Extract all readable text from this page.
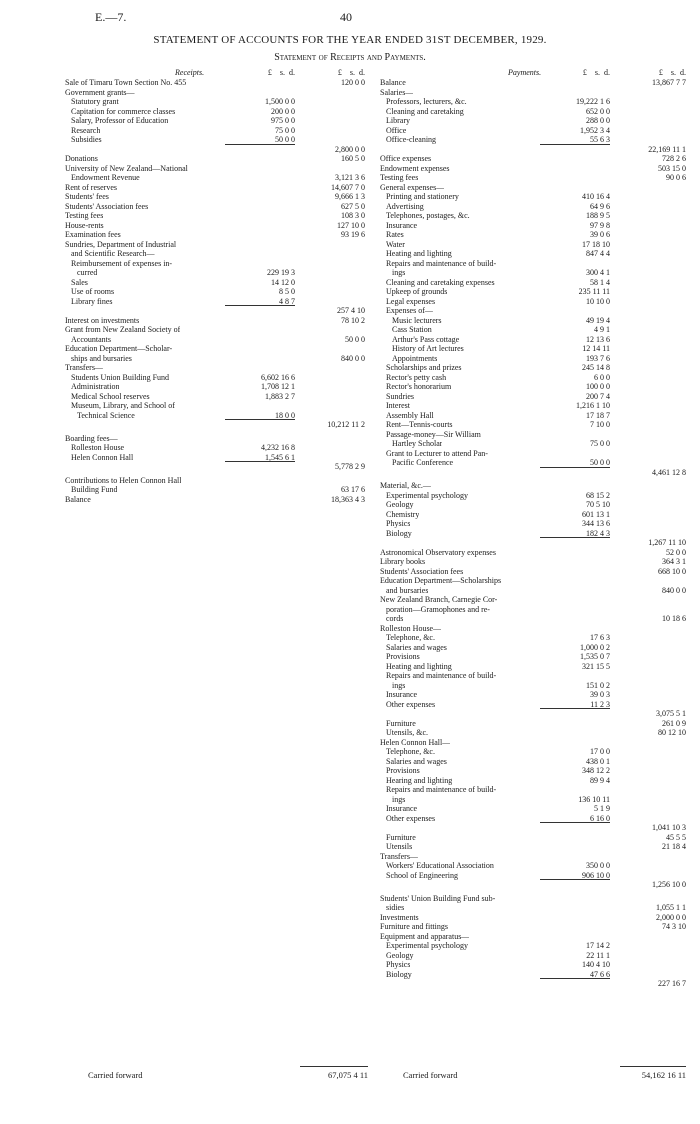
E.—7.	40
STATEMENT OF ACCOUNTS FOR THE YEAR ENDED 31ST DECEMBER, 1929.
Statement of Receipts and Payments.
Receipts.	£ s. d.	£ s. d.
Sale of Timaru Town Section No. 455	120 0 0
Government grants—
Statutory grant	1,500 0 0
Capitation for commerce classes	200 0 0
Salary, Professor of Education	975 0 0
Research	75 0 0
Subsidies	50 0 0
2,800 0 0
Donations	160 5 0
University of New Zealand—National
Endowment Revenue	3,121 3 6
Rent of reserves	14,607 7 0
Students' fees	9,666 1 3
Students' Association fees	627 5 0
Testing fees	108 3 0
House-rents	127 10 0
Examination fees	93 19 6
Sundries, Department of Industrial
and Scientific Research—
Reimbursement of expenses in-
curred	229 19 3
Sales	14 12 0
Use of rooms	8 5 0
Library fines	4 8 7
257 4 10
Interest on investments	78 10 2
Grant from New Zealand Society of
Accountants	50 0 0
Education Department—Scholar-
ships and bursaries	840 0 0
Transfers—
Students Union Building Fund	6,602 16 6
Administration	1,708 12 1
Medical School reserves	1,883 2 7
Museum, Library, and School of
Technical Science	18 0 0
10,212 11 2
Boarding fees—
Rolleston House	4,232 16 8
Helen Connon Hall	1,545 6 1
5,778 2 9
Contributions to Helen Connon Hall
Building Fund	63 17 6
Balance	18,363 4 3
Payments.	£ s. d.	£ s. d.
Balance	13,867 7 7
Salaries—
Professors, lecturers, &c.	19,222 1 6
Cleaning and caretaking	652 0 0
Library	288 0 0
Office	1,952 3 4
Office-cleaning	55 6 3
22,169 11 1
Office expenses	728 2 6
Endowment expenses	503 15 0
Testing fees	90 0 6
General expenses—
Printing and stationery	410 16 4
Advertising	64 9 6
Telephones, postages, &c.	188 9 5
Insurance	97 9 8
Rates	39 0 6
Water	17 18 10
Heating and lighting	847 4 4
Repairs and maintenance of build-
ings	300 4 1
Cleaning and caretaking expenses	58 1 4
Upkeep of grounds	235 11 11
Legal expenses	10 10 0
Expenses of—
Music lecturers	49 19 4
Cass Station	4 9 1
Arthur's Pass cottage	12 13 6
History of Art lectures	12 14 11
Appointments	193 7 6
Scholarships and prizes	245 14 8
Rector's petty cash	6 0 0
Rector's honorarium	100 0 0
Sundries	200 7 4
Interest	1,216 1 10
Assembly Hall	17 18 7
Rent—Tennis-courts	7 10 0
Passage-money—Sir William
Hartley Scholar	75 0 0
Grant to Lecturer to attend Pan-
Pacific Conference	50 0 0
4,461 12 8
Material, &c.—
Experimental psychology	68 15 2
Geology	70 5 10
Chemistry	601 13 1
Physics	344 13 6
Biology	182 4 3
1,267 11 10
Astronomical Observatory expenses	52 0 0
Library books	364 3 1
Students' Association fees	668 10 0
Education Department—Scholarships
and bursaries	840 0 0
New Zealand Branch, Carnegie Cor-
poration—Gramophones and re-
cords	10 18 6
Rolleston House—
Telephone, &c.	17 6 3
Salaries and wages	1,000 0 2
Provisions	1,535 0 7
Heating and lighting	321 15 5
Repairs and maintenance of build-
ings	151 0 2
Insurance	39 0 3
Other expenses	11 2 3
3,075 5 1
Furniture	261 0 9
Utensils, &c.	80 12 10
Helen Connon Hall—
Telephone, &c.	17 0 0
Salaries and wages	438 0 1
Provisions	348 12 2
Hearing and lighting	89 9 4
Repairs and maintenance of build-
ings	136 10 11
Insurance	5 1 9
Other expenses	6 16 0
1,041 10 3
Furniture	45 5 5
Utensils	21 18 4
Transfers—
Workers' Educational Association	350 0 0
School of Engineering	906 10 0
1,256 10 0
Students' Union Building Fund sub-
sidies	1,055 1 1
Investments	2,000 0 0
Furniture and fittings	74 3 10
Equipment and apparatus—
Experimental psychology	17 14 2
Geology	22 11 1
Physics	140 4 10
Biology	47 6 6
227 16 7
Carried forward	67,075 4 11	Carried forward	54,162 16 11
